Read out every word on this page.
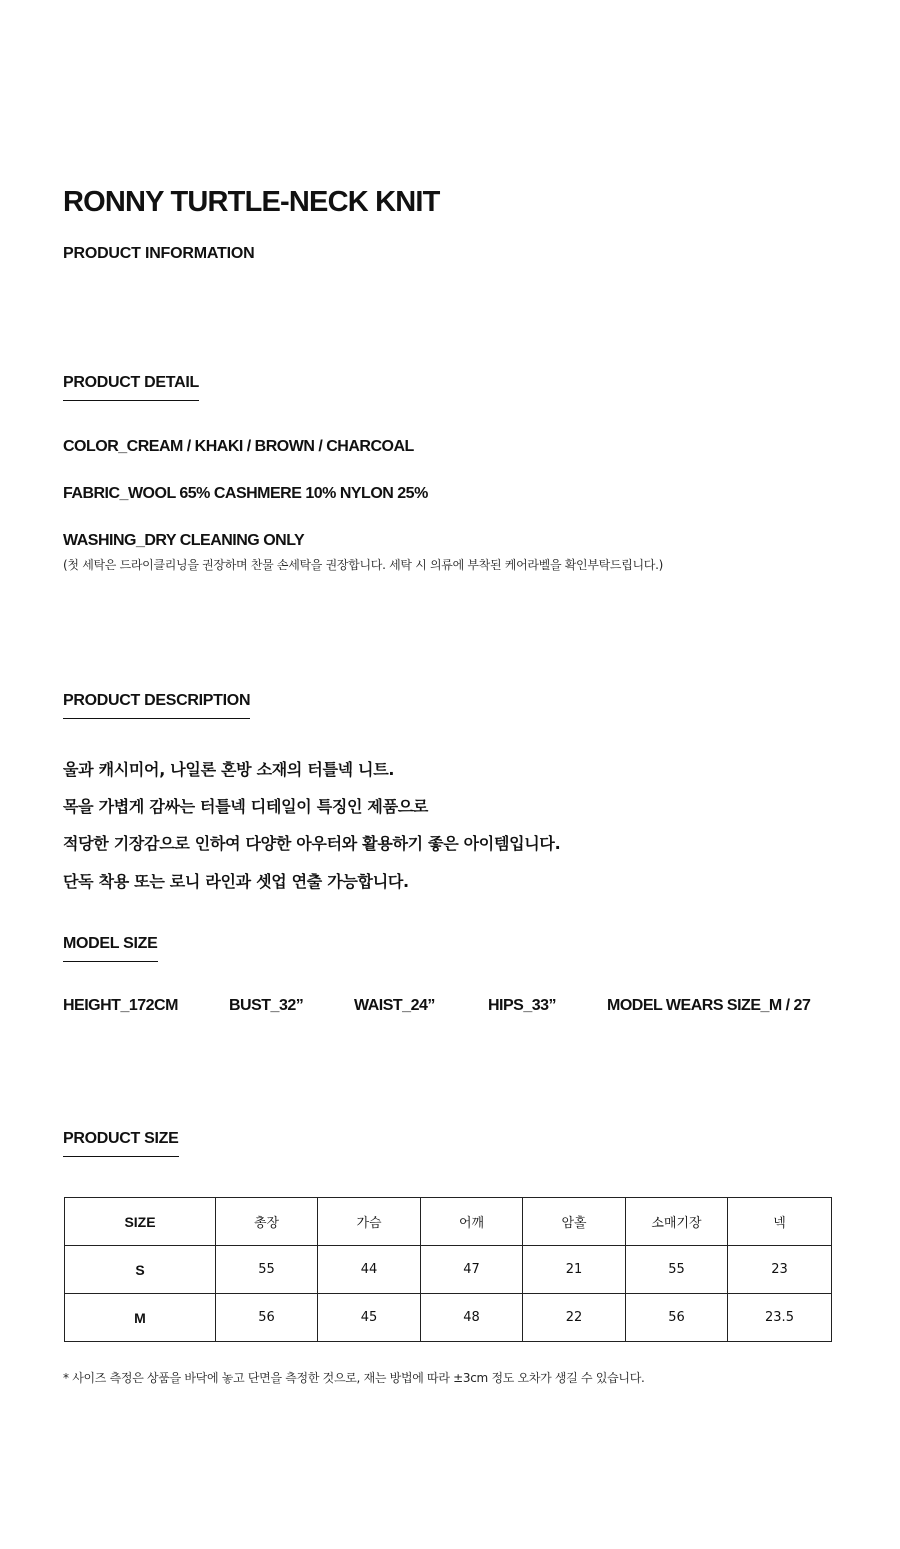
RONNY TURTLE-NECK KNIT
PRODUCT INFORMATION
PRODUCT DETAIL
COLOR_CREAM / KHAKI / BROWN / CHARCOAL
FABRIC_WOOL 65% CASHMERE 10% NYLON 25%
WASHING_DRY CLEANING ONLY
(첫 세탁은 드라이클리닝을 권장하며 찬물 손세탁을 권장합니다. 세탁 시 의류에 부착된 케어라벨을 확인부탁드립니다.)
PRODUCT DESCRIPTION
울과 캐시미어, 나일론 혼방 소재의 터틀넥 니트.
목을 가볍게 감싸는 터틀넥 디테일이 특징인 제품으로
적당한 기장감으로 인하여 다양한 아우터와 활용하기 좋은 아이템입니다.
단독 착용 또는 로니 라인과 셋업 연출 가능합니다.
MODEL SIZE
HEIGHT_172CM	BUST_32”	WAIST_24”	HIPS_33”	MODEL WEARS SIZE_M / 27
PRODUCT SIZE
SIZE	총장	가슴	어깨	암홀	소매기장	넥
S	55	44	47	21	55	23
M	56	45	48	22	56	23.5
* 사이즈 측정은 상품을 바닥에 놓고 단면을 측정한 것으로, 재는 방법에 따라 ±3cm 정도 오차가 생길 수 있습니다.
